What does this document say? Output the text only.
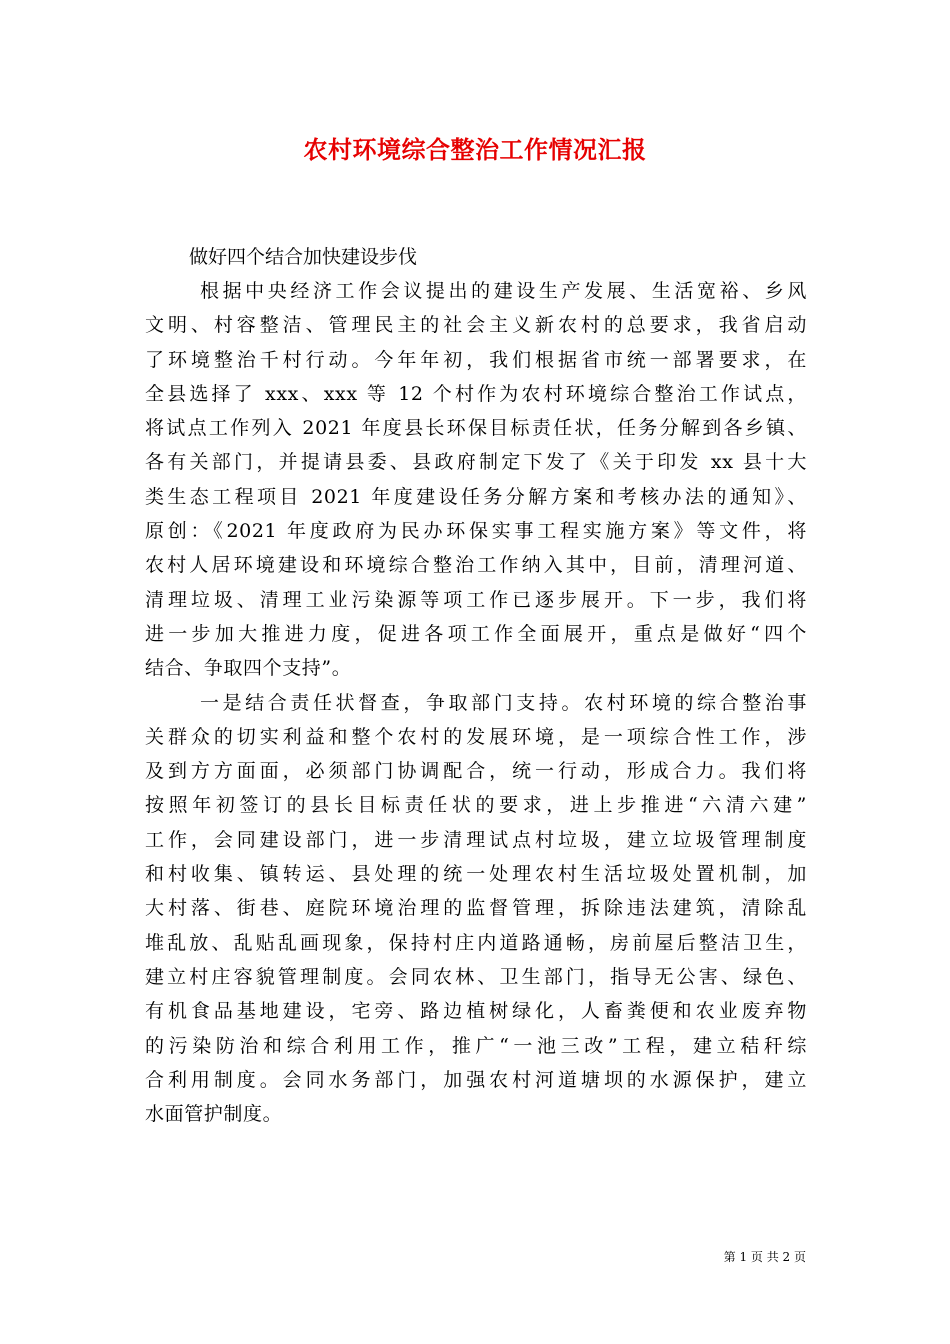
农村环境综合整治工作情况汇报

做好四个结合加快建设步伐

根据中央经济工作会议提出的建设生产发展、生活宽裕、乡风
文明、村容整洁、管理民主的社会主义新农村的总要求，我省启动
了环境整治千村行动。今年年初，我们根据省市统一部署要求，在
全县选择了 xxx、xxx 等 12 个村作为农村环境综合整治工作试点，
将试点工作列入 2021 年度县长环保目标责任状，任务分解到各乡镇、
各有关部门，并提请县委、县政府制定下发了《关于印发 xx 县十大
类生态工程项目 2021 年度建设任务分解方案和考核办法的通知》、
原创：《2021 年度政府为民办环保实事工程实施方案》等文件，将
农村人居环境建设和环境综合整治工作纳入其中，目前，清理河道、
清理垃圾、清理工业污染源等项工作已逐步展开。下一步，我们将
进一步加大推进力度，促进各项工作全面展开，重点是做好“四个
结合、争取四个支持”。
一是结合责任状督查，争取部门支持。农村环境的综合整治事
关群众的切实利益和整个农村的发展环境，是一项综合性工作，涉
及到方方面面，必须部门协调配合，统一行动，形成合力。我们将
按照年初签订的县长目标责任状的要求，进上步推进“六清六建”
工作，会同建设部门，进一步清理试点村垃圾，建立垃圾管理制度
和村收集、镇转运、县处理的统一处理农村生活垃圾处置机制，加
大村落、街巷、庭院环境治理的监督管理，拆除违法建筑，清除乱
堆乱放、乱贴乱画现象，保持村庄内道路通畅，房前屋后整洁卫生，
建立村庄容貌管理制度。会同农林、卫生部门，指导无公害、绿色、
有机食品基地建设，宅旁、路边植树绿化，人畜粪便和农业废弃物
的污染防治和综合利用工作，推广“一池三改”工程，建立秸秆综
合利用制度。会同水务部门，加强农村河道塘坝的水源保护，建立
水面管护制度。
第 1 页 共 2 页
